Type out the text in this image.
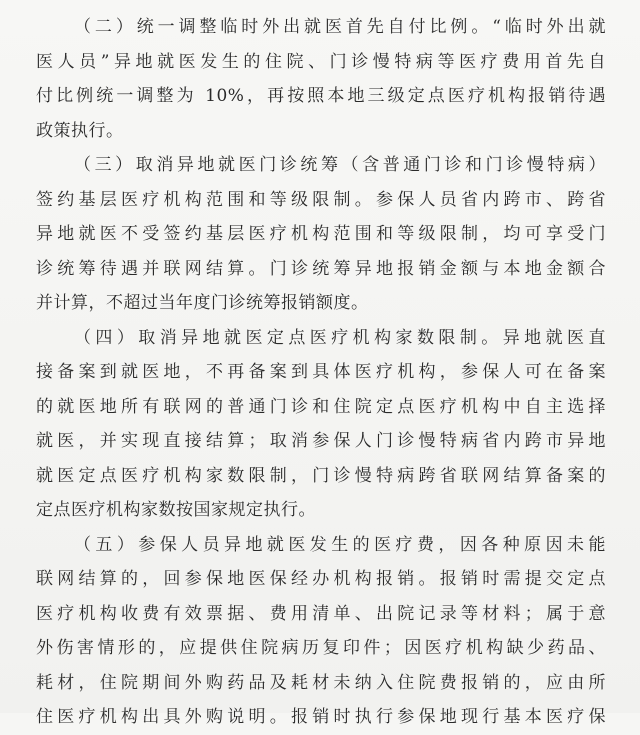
（二）统一调整临时外出就医首先自付比例。“临时外出就
医人员”异地就医发生的住院、门诊慢特病等医疗费用首先自
付比例统一调整为 10%，再按照本地三级定点医疗机构报销待遇
政策执行。
（三）取消异地就医门诊统筹（含普通门诊和门诊慢特病）
签约基层医疗机构范围和等级限制。参保人员省内跨市、跨省
异地就医不受签约基层医疗机构范围和等级限制，均可享受门
诊统筹待遇并联网结算。门诊统筹异地报销金额与本地金额合
并计算，不超过当年度门诊统筹报销额度。
（四）取消异地就医定点医疗机构家数限制。异地就医直
接备案到就医地，不再备案到具体医疗机构，参保人可在备案
的就医地所有联网的普通门诊和住院定点医疗机构中自主选择
就医，并实现直接结算；取消参保人门诊慢特病省内跨市异地
就医定点医疗机构家数限制，门诊慢特病跨省联网结算备案的
定点医疗机构家数按国家规定执行。
（五）参保人员异地就医发生的医疗费，因各种原因未能
联网结算的，回参保地医保经办机构报销。报销时需提交定点
医疗机构收费有效票据、费用清单、出院记录等材料；属于意
外伤害情形的，应提供住院病历复印件；因医疗机构缺少药品、
耗材，住院期间外购药品及耗材未纳入住院费报销的，应由所
住医疗机构出具外购说明。报销时执行参保地现行基本医疗保
